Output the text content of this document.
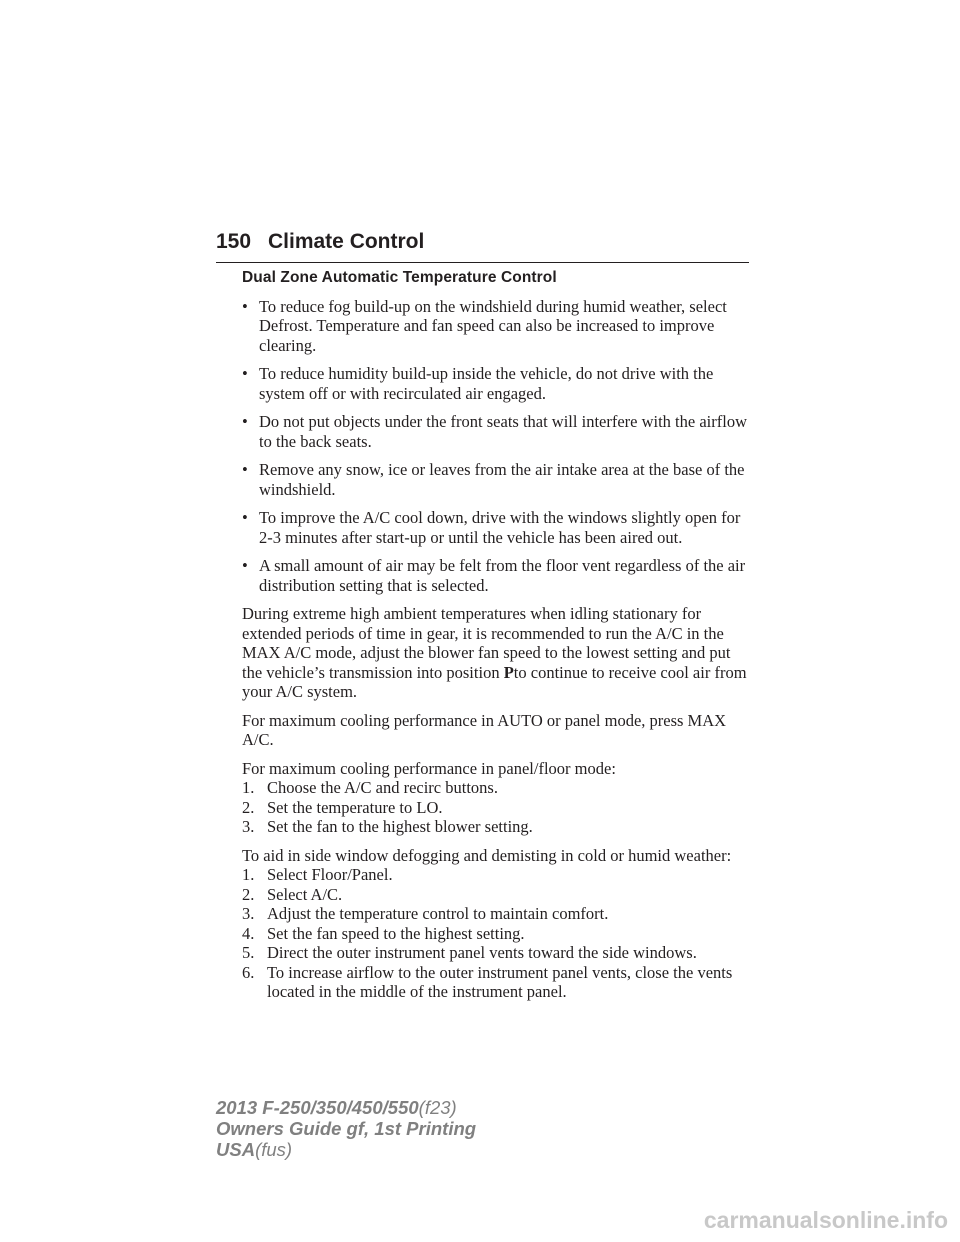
150 Climate Control
Dual Zone Automatic Temperature Control
• To reduce fog build-up on the windshield during humid weather, select Defrost. Temperature and fan speed can also be increased to improve clearing.
• To reduce humidity build-up inside the vehicle, do not drive with the system off or with recirculated air engaged.
• Do not put objects under the front seats that will interfere with the airflow to the back seats.
• Remove any snow, ice or leaves from the air intake area at the base of the windshield.
• To improve the A/C cool down, drive with the windows slightly open for 2-3 minutes after start-up or until the vehicle has been aired out.
• A small amount of air may be felt from the floor vent regardless of the air distribution setting that is selected.

During extreme high ambient temperatures when idling stationary for extended periods of time in gear, it is recommended to run the A/C in the MAX A/C mode, adjust the blower fan speed to the lowest setting and put the vehicle’s transmission into position Pto continue to receive cool air from your A/C system.

For maximum cooling performance in AUTO or panel mode, press MAX A/C.

For maximum cooling performance in panel/floor mode:
1. Choose the A/C and recirc buttons.
2. Set the temperature to LO.
3. Set the fan to the highest blower setting.
To aid in side window defogging and demisting in cold or humid weather:
1. Select Floor/Panel.
2. Select A/C.
3. Adjust the temperature control to maintain comfort.
4. Set the fan speed to the highest setting.
5. Direct the outer instrument panel vents toward the side windows.
6. To increase airflow to the outer instrument panel vents, close the vents located in the middle of the instrument panel.
2013 F-250/350/450/550(f23)
Owners Guide gf, 1st Printing
USA(fus)
carmanualsonline.info
